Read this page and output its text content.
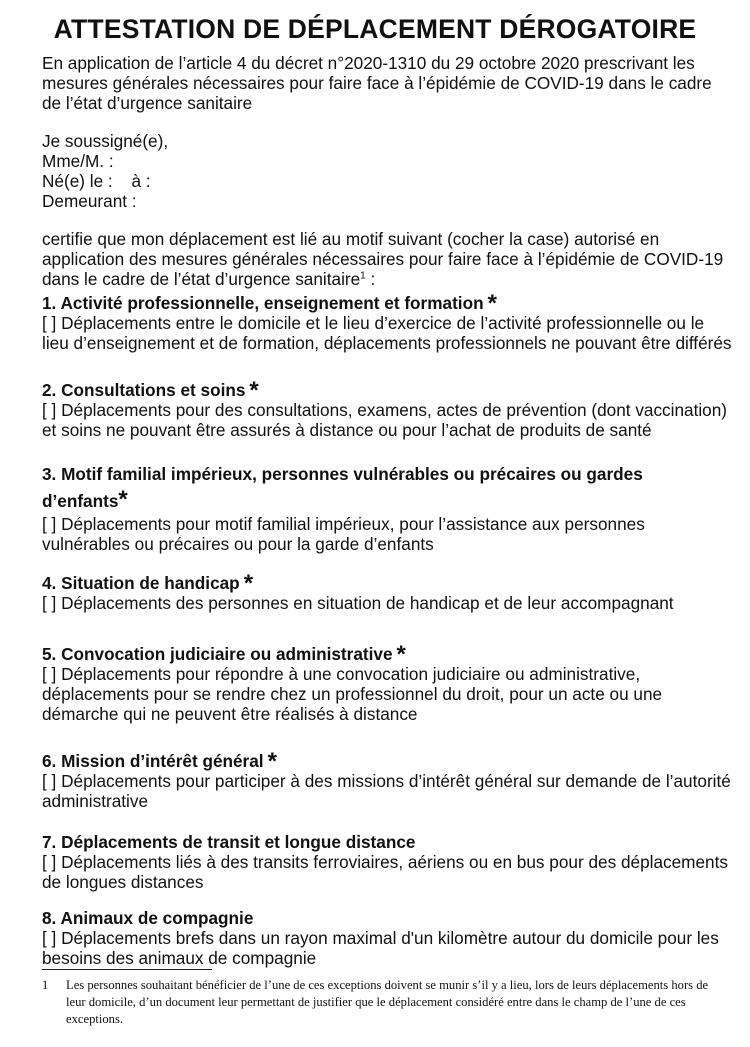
ATTESTATION DE DÉPLACEMENT DÉROGATOIRE

En application de l’article 4 du décret n°2020-1310 du 29 octobre 2020 prescrivant les mesures générales nécessaires pour faire face à l’épidémie de COVID-19 dans le cadre de l’état d’urgence sanitaire

Je soussigné(e),
Mme/M. :
Né(e) le : à :
Demeurant :

certifie que mon déplacement est lié au motif suivant (cocher la case) autorisé en application des mesures générales nécessaires pour faire face à l’épidémie de COVID-19 dans le cadre de l’état d’urgence sanitaire$^1$ :

1. Activité professionnelle, enseignement et formation *

[ ] Déplacements entre le domicile et le lieu d’exercice de l’activité professionnelle ou le lieu d’enseignement et de formation, déplacements professionnels ne pouvant être différés

2. Consultations et soins *

[ ] Déplacements pour des consultations, examens, actes de prévention (dont vaccination) et soins ne pouvant être assurés à distance ou pour l’achat de produits de santé

3. Motif familial impérieux, personnes vulnérables ou précaires ou gardes d’enfants*

[ ] Déplacements pour motif familial impérieux, pour l’assistance aux personnes vulnérables ou précaires ou pour la garde d’enfants

4. Situation de handicap *

[ ] Déplacements des personnes en situation de handicap et de leur accompagnant

5. Convocation judiciaire ou administrative *

[ ] Déplacements pour répondre à une convocation judiciaire ou administrative, déplacements pour se rendre chez un professionnel du droit, pour un acte ou une démarche qui ne peuvent être réalisés à distance

6. Mission d’intérêt général *

[ ] Déplacements pour participer à des missions d’intérêt général sur demande de l’autorité administrative

7. Déplacements de transit et longue distance

[ ] Déplacements liés à des transits ferroviaires, aériens ou en bus pour des déplacements de longues distances

8. Animaux de compagnie

[ ] Déplacements brefs dans un rayon maximal d'un kilomètre autour du domicile pour les besoins des animaux de compagnie

1 Les personnes souhaitant bénéficier de l’une de ces exceptions doivent se munir s’il y a lieu, lors de leurs déplacements hors de leur domicile, d’un document leur permettant de justifier que le déplacement considéré entre dans le champ de l’une de ces exceptions.
